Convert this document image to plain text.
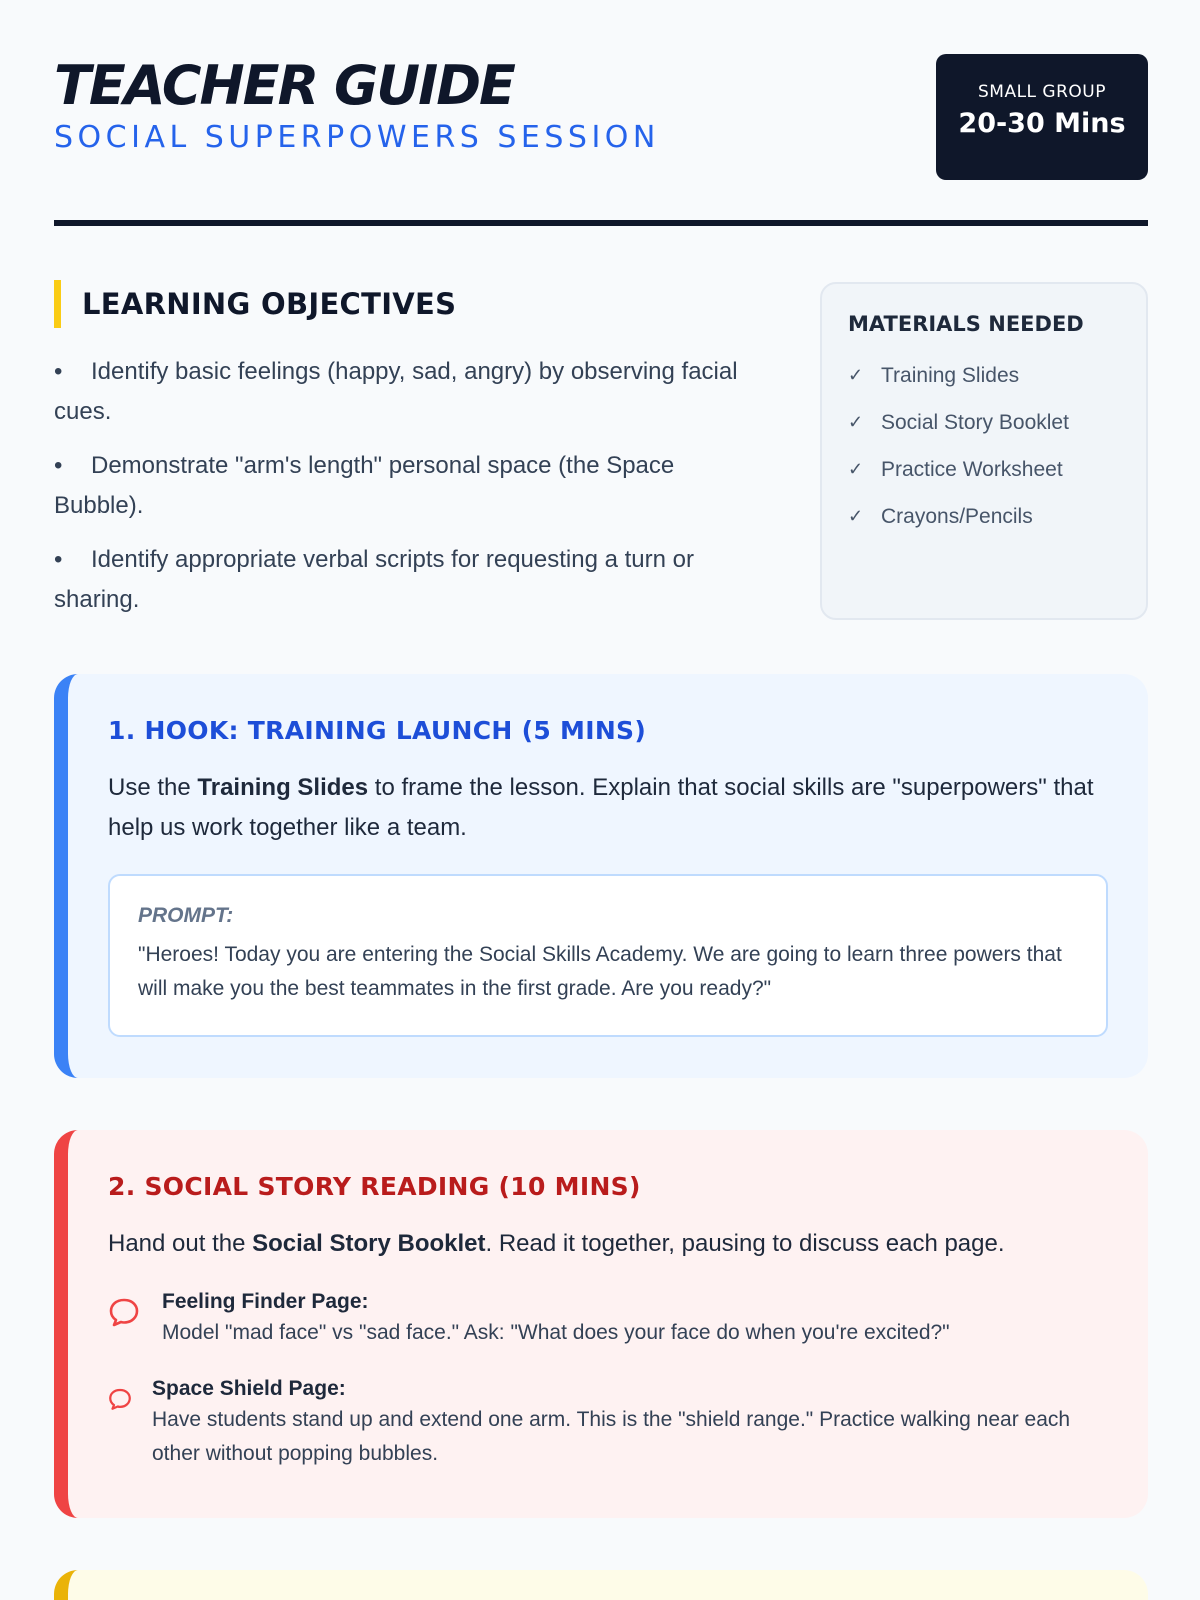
TEACHER GUIDE
SOCIAL SUPERPOWERS SESSION
SMALL GROUP
20-30 Mins
LEARNING OBJECTIVES
• Identify basic feelings (happy, sad, angry) by observing facial cues.
• Demonstrate "arm's length" personal space (the Space Bubble).
• Identify appropriate verbal scripts for requesting a turn or sharing.
MATERIALS NEEDED
✓ Training Slides
✓ Social Story Booklet
✓ Practice Worksheet
✓ Crayons/Pencils
1. HOOK: TRAINING LAUNCH (5 MINS)
Use the Training Slides to frame the lesson. Explain that social skills are "superpowers" that help us work together like a team.
PROMPT:
"Heroes! Today you are entering the Social Skills Academy. We are going to learn three powers that will make you the best teammates in the first grade. Are you ready?"
2. SOCIAL STORY READING (10 MINS)
Hand out the Social Story Booklet. Read it together, pausing to discuss each page.
Feeling Finder Page:
Model "mad face" vs "sad face." Ask: "What does your face do when you're excited?"
Space Shield Page:
Have students stand up and extend one arm. This is the "shield range." Practice walking near each other without popping bubbles.
